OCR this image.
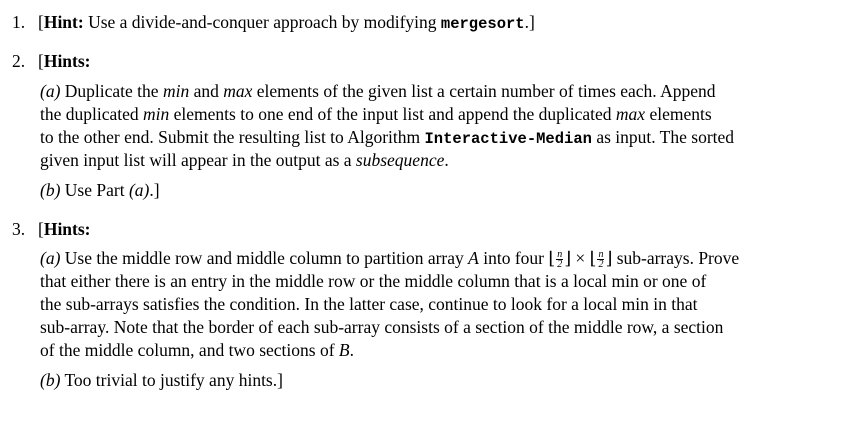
1. [Hint: Use a divide-and-conquer approach by modifying mergesort.]
2. [Hints:
(a) Duplicate the min and max elements of the given list a certain number of times each. Append
the duplicated min elements to one end of the input list and append the duplicated max elements
to the other end. Submit the resulting list to Algorithm Interactive-Median as input. The sorted
given input list will appear in the output as a subsequence.
(b) Use Part (a).]
3. [Hints:
(a) Use the middle row and middle column to partition array A into four ⌊ $\frac{n}{2}$ ⌋ × ⌊ $\frac{n}{2}$ ⌋ sub-arrays. Prove
that either there is an entry in the middle row or the middle column that is a local min or one of
the sub-arrays satisfies the condition. In the latter case, continue to look for a local min in that
sub-array. Note that the border of each sub-array consists of a section of the middle row, a section
of the middle column, and two sections of B.
(b) Too trivial to justify any hints.]
